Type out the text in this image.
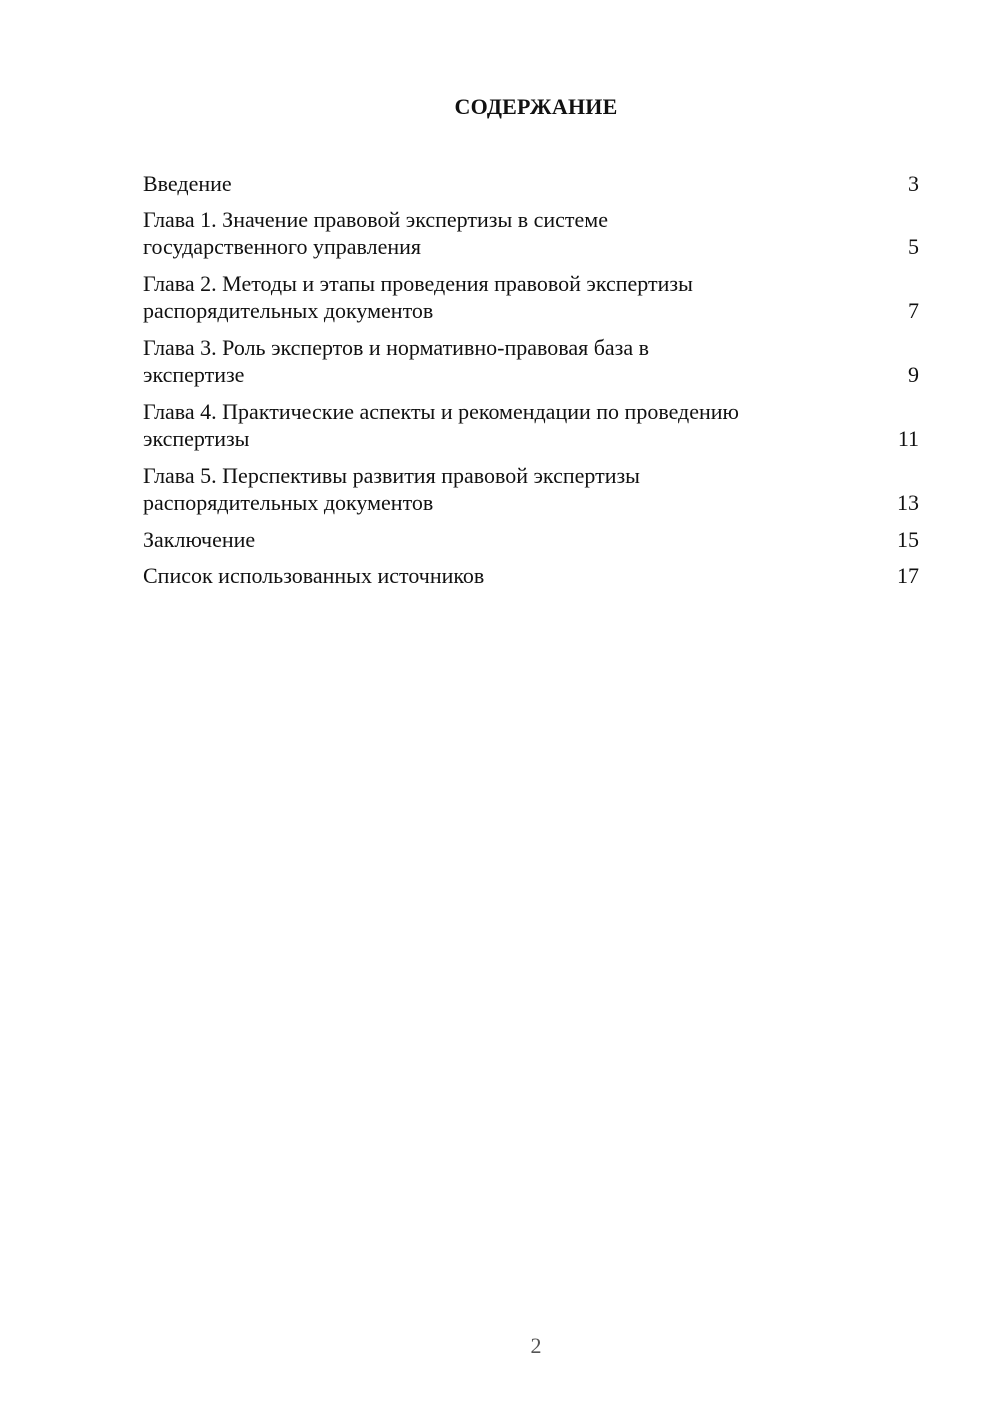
СОДЕРЖАНИЕ
Введение	3
Глава 1. Значение правовой экспертизы в системе
государственного управления	5
Глава 2. Методы и этапы проведения правовой экспертизы
распорядительных документов	7
Глава 3. Роль экспертов и нормативно-правовая база в
экспертизе	9
Глава 4. Практические аспекты и рекомендации по проведению
экспертизы	11
Глава 5. Перспективы развития правовой экспертизы
распорядительных документов	13
Заключение	15
Список использованных источников	17
2
